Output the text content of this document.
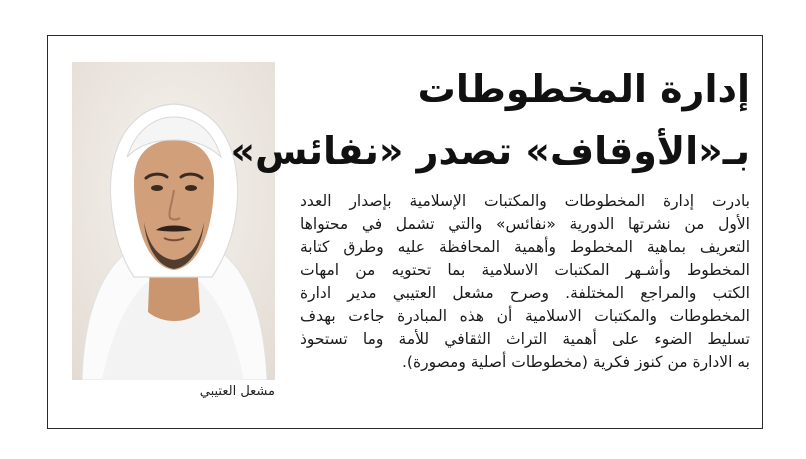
مشعل العتيبي
إدارة المخطوطات
بـ«الأوقاف» تصدر «نفائس»
بادرت إدارة المخطوطات والمكتبات الإسلامية بإصدار العدد
الأول من نشرتها الدورية «نفائس» والتي تشمل في محتواها
التعريف بماهية المخطوط وأهمية المحافظة عليه وطرق كتابة
المخطوط وأشـهر المكتبات الاسلامية بما تحتويه من امهات
الكتب والمراجع المختلفة. وصرح مشعل العتيبي مدير ادارة
المخطوطات والمكتبات الاسلامية أن هذه المبادرة جاءت بهدف
تسليط الضوء على أهمية التراث الثقافي للأمة وما تستحوذ
به الادارة من كنوز فكرية (مخطوطات أصلية ومصورة).
